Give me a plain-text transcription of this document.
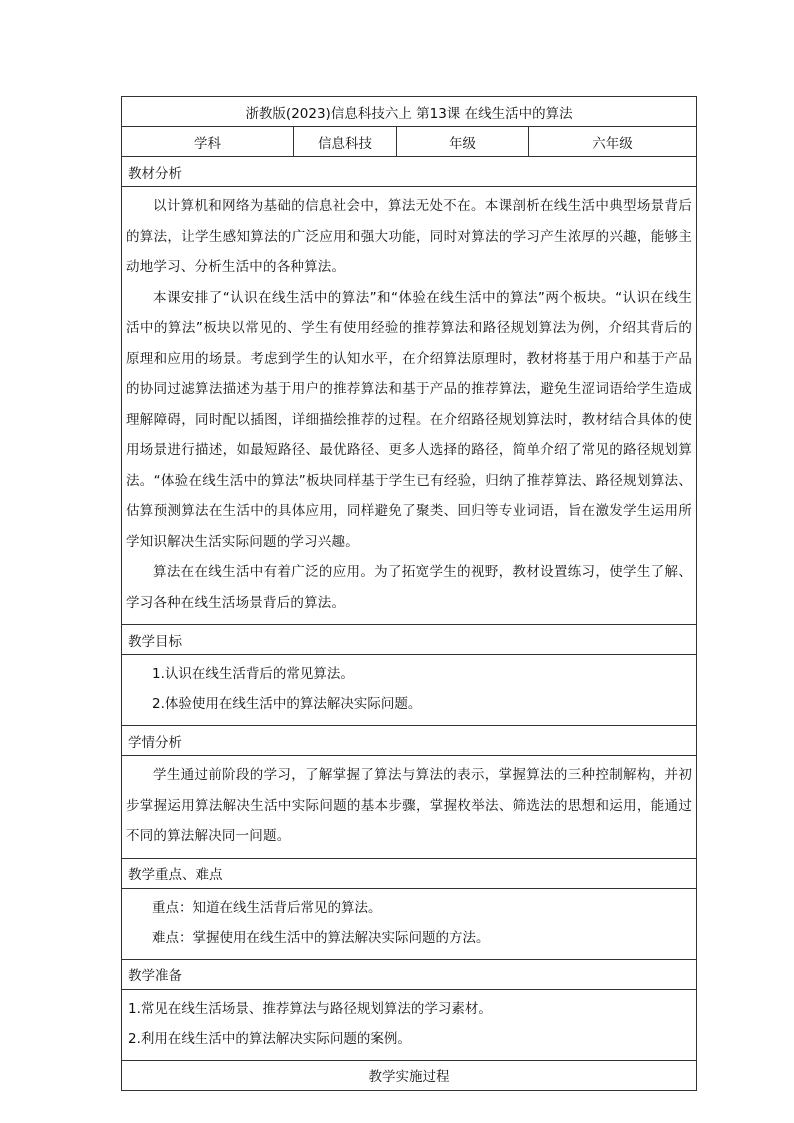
浙教版(2023)信息科技六上 第13课 在线生活中的算法
学科	信息科技	年级	六年级
教材分析

以计算机和网络为基础的信息社会中，算法无处不在。本课剖析在线生活中典型场景背后的算法，让学生感知算法的广泛应用和强大功能，同时对算法的学习产生浓厚的兴趣，能够主动地学习、分析生活中的各种算法。

本课安排了“认识在线生活中的算法”和“体验在线生活中的算法”两个板块。“认识在线生活中的算法”板块以常见的、学生有使用经验的推荐算法和路径规划算法为例，介绍其背后的原理和应用的场景。考虑到学生的认知水平，在介绍算法原理时，教材将基于用户和基于产品的协同过滤算法描述为基于用户的推荐算法和基于产品的推荐算法，避免生涩词语给学生造成理解障碍，同时配以插图，详细描绘推荐的过程。在介绍路径规划算法时，教材结合具体的使用场景进行描述，如最短路径、最优路径、更多人选择的路径，简单介绍了常见的路径规划算法。“体验在线生活中的算法”板块同样基于学生已有经验，归纳了推荐算法、路径规划算法、估算预测算法在生活中的具体应用，同样避免了聚类、回归等专业词语，旨在激发学生运用所学知识解决生活实际问题的学习兴趣。

算法在在线生活中有着广泛的应用。为了拓宽学生的视野，教材设置练习，使学生了解、学习各种在线生活场景背后的算法。

教学目标

1.认识在线生活背后的常见算法。

2.体验使用在线生活中的算法解决实际问题。

学情分析

学生通过前阶段的学习，了解掌握了算法与算法的表示，掌握算法的三种控制解构，并初步掌握运用算法解决生活中实际问题的基本步骤，掌握枚举法、筛选法的思想和运用，能通过不同的算法解决同一问题。

教学重点、难点

重点：知道在线生活背后常见的算法。

难点：掌握使用在线生活中的算法解决实际问题的方法。

教学准备

1.常见在线生活场景、推荐算法与路径规划算法的学习素材。

2.利用在线生活中的算法解决实际问题的案例。

教学实施过程
